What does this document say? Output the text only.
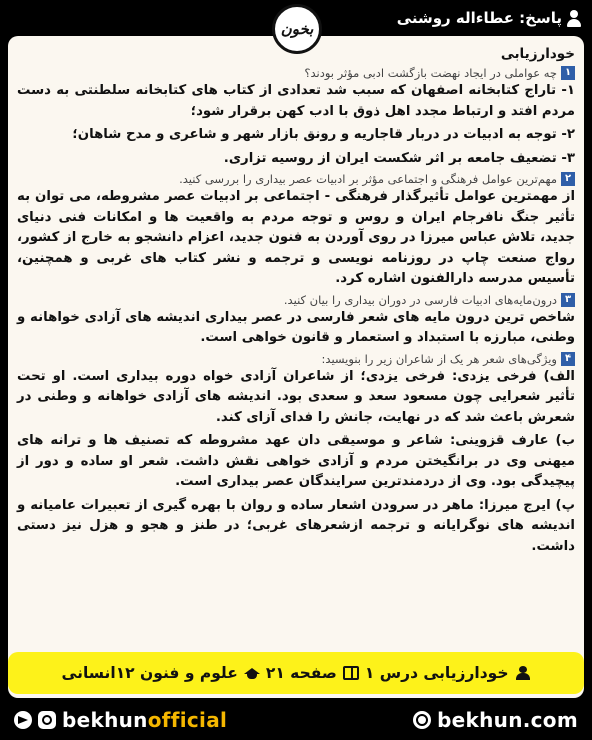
پاسخ: عطاءاله روشنی
بخون
خودارزیابی
۱
چه عواملی در ایجاد نهضت بازگشت ادبی مؤثر بودند؟
۱- تاراج کتابخانه اصفهان که سبب شد تعدادی از کتاب های کتابخانه سلطنتی به دست مردم افتد و ارتباط مجدد اهل ذوق با ادب کهن برقرار شود؛
۲- توجه به ادبیات در دربار قاجاریه و رونق بازار شهر و شاعری و مدح شاهان؛
۳- تضعیف جامعه بر اثر شکست ایران از روسیه تزاری.
۲
مهم‌ترین عوامل فرهنگی و اجتماعی مؤثر بر ادبیات عصر بیداری را بررسی کنید.
از مهمترین عوامل تأثیرگذار فرهنگی - اجتماعی بر ادبیات عصر مشروطه، می توان به تأثیر جنگ نافرجام ایران و روس و توجه مردم به واقعیت ها و امکانات فنی دنیای جدید، تلاش عباس میرزا در روی آوردن به فنون جدید، اعزام دانشجو به خارج از کشور، رواج صنعت چاپ در روزنامه نویسی و ترجمه و نشر کتاب های غربی و همچنین، تأسیس مدرسه دارالفنون اشاره کرد.
۳
درون‌مایه‌های ادبیات فارسی در دوران بیداری را بیان کنید.
شاخص ترین درون مایه های شعر فارسی در عصر بیداری اندیشه های آزادی خواهانه و وطنی، مبارزه با استبداد و استعمار و قانون خواهی است.
۴
ویژگی‌های شعر هر یک از شاعران زیر را بنویسید:
الف) فرخی یزدی: فرخی یزدی؛ از شاعران آزادی خواه دوره بیداری است. او تحت تأثیر شعرایی چون مسعود سعد و سعدی بود. اندیشه های آزادی خواهانه و وطنی در شعرش باعث شد که در نهایت، جانش را فدای آزای کند.
ب) عارف قزوینی: شاعر و موسیقی دان عهد مشروطه که تصنیف ها و ترانه های میهنی وی در برانگیختن مردم و آزادی خواهی نقش داشت. شعر او ساده و دور از پیچیدگی بود. وی از دردمندترین سرایندگان عصر بیداری است.
پ) ایرج میرزا: ماهر در سرودن اشعار ساده و روان با بهره گیری از تعبیرات عامیانه و اندیشه های نوگرایانه و ترجمه ازشعرهای غربی؛ در طنز و هجو و هزل نیز دستی داشت.
خودارزیابی درس ۱
صفحه ۲۱
علوم و فنون ۱۲انسانی
bekhunofficial	bekhun.com
